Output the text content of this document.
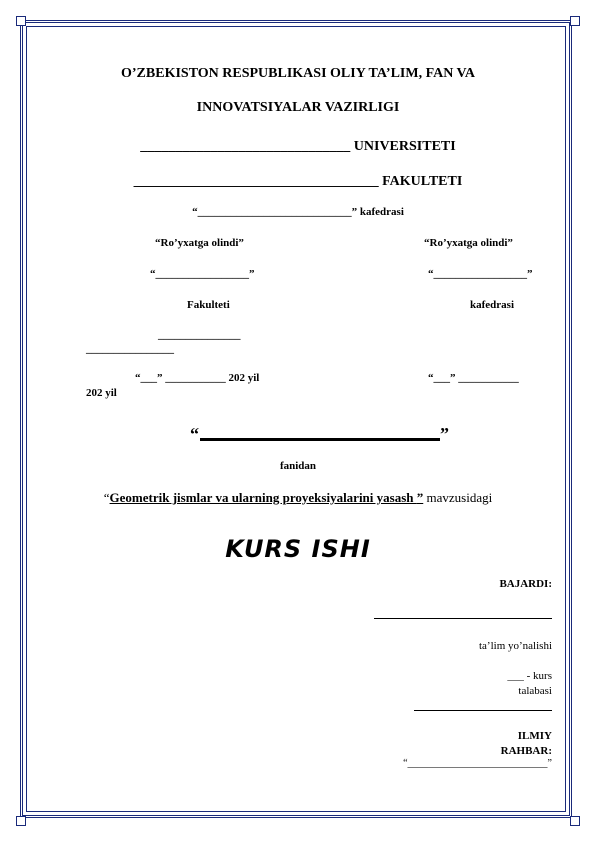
O’ZBEKISTON RESPUBLIKASI OLIY TA’LIM, FAN VA
INNOVATSIYALAR VAZIRLIGI
______________________________ UNIVERSITETI
___________________________________ FAKULTETI
“____________________________” kafedrasi
“Ro’yxatga olindi”
“_________________”
Fakulteti
_______________
________________
“___” ___________ 202 yil
202 yil
“Ro’yxatga olindi”
“_________________”
kafedrasi
“___” ___________
“	”
fanidan
“Geometrik jismlar va ularning proyeksiyalarini yasash ” mavzusidagi
KURS ISHI
BAJARDI:
ta’lim yo’nalishi
___ - kurs
talabasi
ILMIY
RAHBAR:
“____________________________”
